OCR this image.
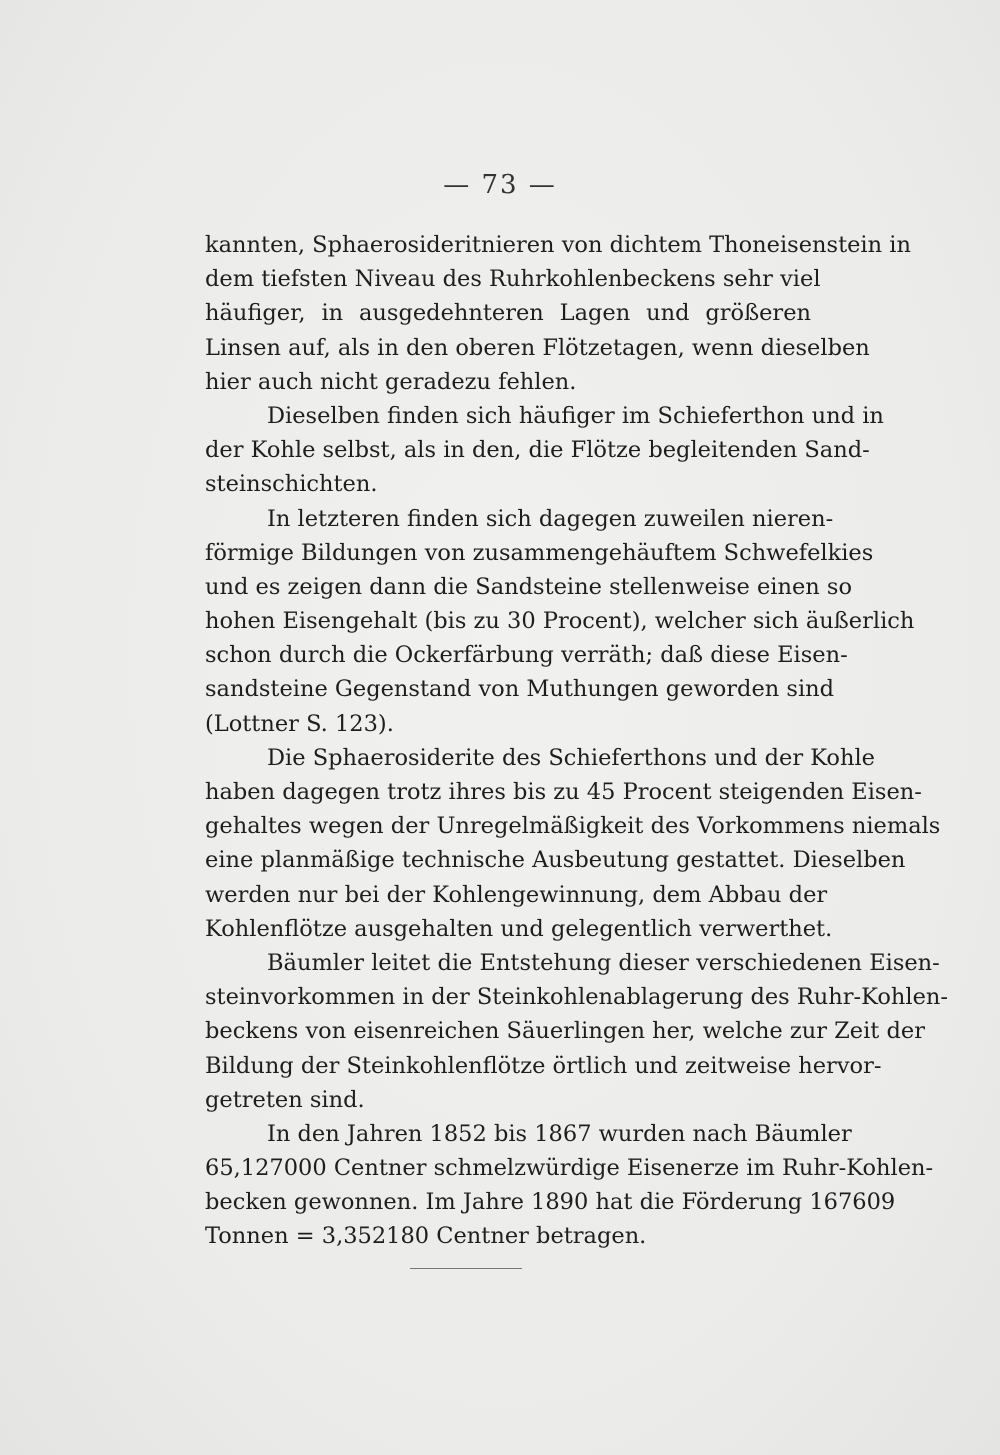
— 73 —
kannten, Sphaerosideritnieren von dichtem Thoneisenstein in
dem tiefsten Niveau des Ruhrkohlenbeckens sehr viel
häufiger, in ausgedehnteren Lagen und größeren
Linsen auf, als in den oberen Flötzetagen, wenn dieselben
hier auch nicht geradezu fehlen.
Dieselben finden sich häufiger im Schieferthon und in
der Kohle selbst, als in den, die Flötze begleitenden Sand-
steinschichten.
In letzteren finden sich dagegen zuweilen nieren-
förmige Bildungen von zusammengehäuftem Schwefelkies
und es zeigen dann die Sandsteine stellenweise einen so
hohen Eisengehalt (bis zu 30 Procent), welcher sich äußerlich
schon durch die Ockerfärbung verräth; daß diese Eisen-
sandsteine Gegenstand von Muthungen geworden sind
(Lottner S. 123).
Die Sphaerosiderite des Schieferthons und der Kohle
haben dagegen trotz ihres bis zu 45 Procent steigenden Eisen-
gehaltes wegen der Unregelmäßigkeit des Vorkommens niemals
eine planmäßige technische Ausbeutung gestattet. Dieselben
werden nur bei der Kohlengewinnung, dem Abbau der
Kohlenflötze ausgehalten und gelegentlich verwerthet.
Bäumler leitet die Entstehung dieser verschiedenen Eisen-
steinvorkommen in der Steinkohlenablagerung des Ruhr-Kohlen-
beckens von eisenreichen Säuerlingen her, welche zur Zeit der
Bildung der Steinkohlenflötze örtlich und zeitweise hervor-
getreten sind.
In den Jahren 1852 bis 1867 wurden nach Bäumler
65,127000 Centner schmelzwürdige Eisenerze im Ruhr-Kohlen-
becken gewonnen. Im Jahre 1890 hat die Förderung 167609
Tonnen = 3,352180 Centner betragen.
